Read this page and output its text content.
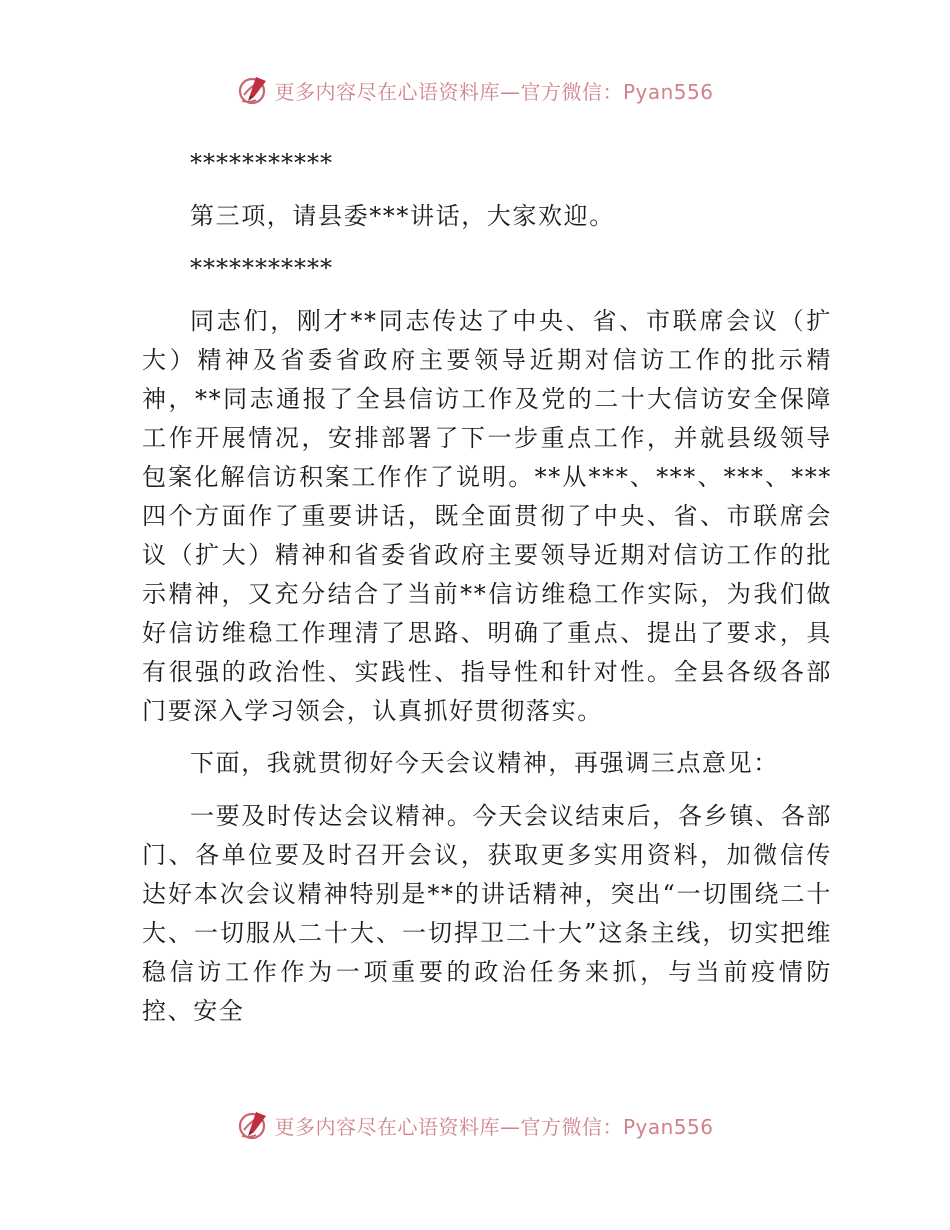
更多内容尽在心语资料库—官方微信：Pyan556

***********

第三项，请县委***讲话，大家欢迎。

***********

同志们，刚才**同志传达了中央、省、市联席会议（扩大）精神及省委省政府主要领导近期对信访工作的批示精神，**同志通报了全县信访工作及党的二十大信访安全保障工作开展情况，安排部署了下一步重点工作，并就县级领导包案化解信访积案工作作了说明。**从***、***、***、***四个方面作了重要讲话，既全面贯彻了中央、省、市联席会议（扩大）精神和省委省政府主要领导近期对信访工作的批示精神，又充分结合了当前**信访维稳工作实际，为我们做好信访维稳工作理清了思路、明确了重点、提出了要求，具有很强的政治性、实践性、指导性和针对性。全县各级各部门要深入学习领会，认真抓好贯彻落实。

下面，我就贯彻好今天会议精神，再强调三点意见：

一要及时传达会议精神。今天会议结束后，各乡镇、各部门、各单位要及时召开会议，获取更多实用资料，加微信传达好本次会议精神特别是**的讲话精神，突出“一切围绕二十大、一切服从二十大、一切捍卫二十大”这条主线，切实把维稳信访工作作为一项重要的政治任务来抓，与当前疫情防控、安全

更多内容尽在心语资料库—官方微信：Pyan556
